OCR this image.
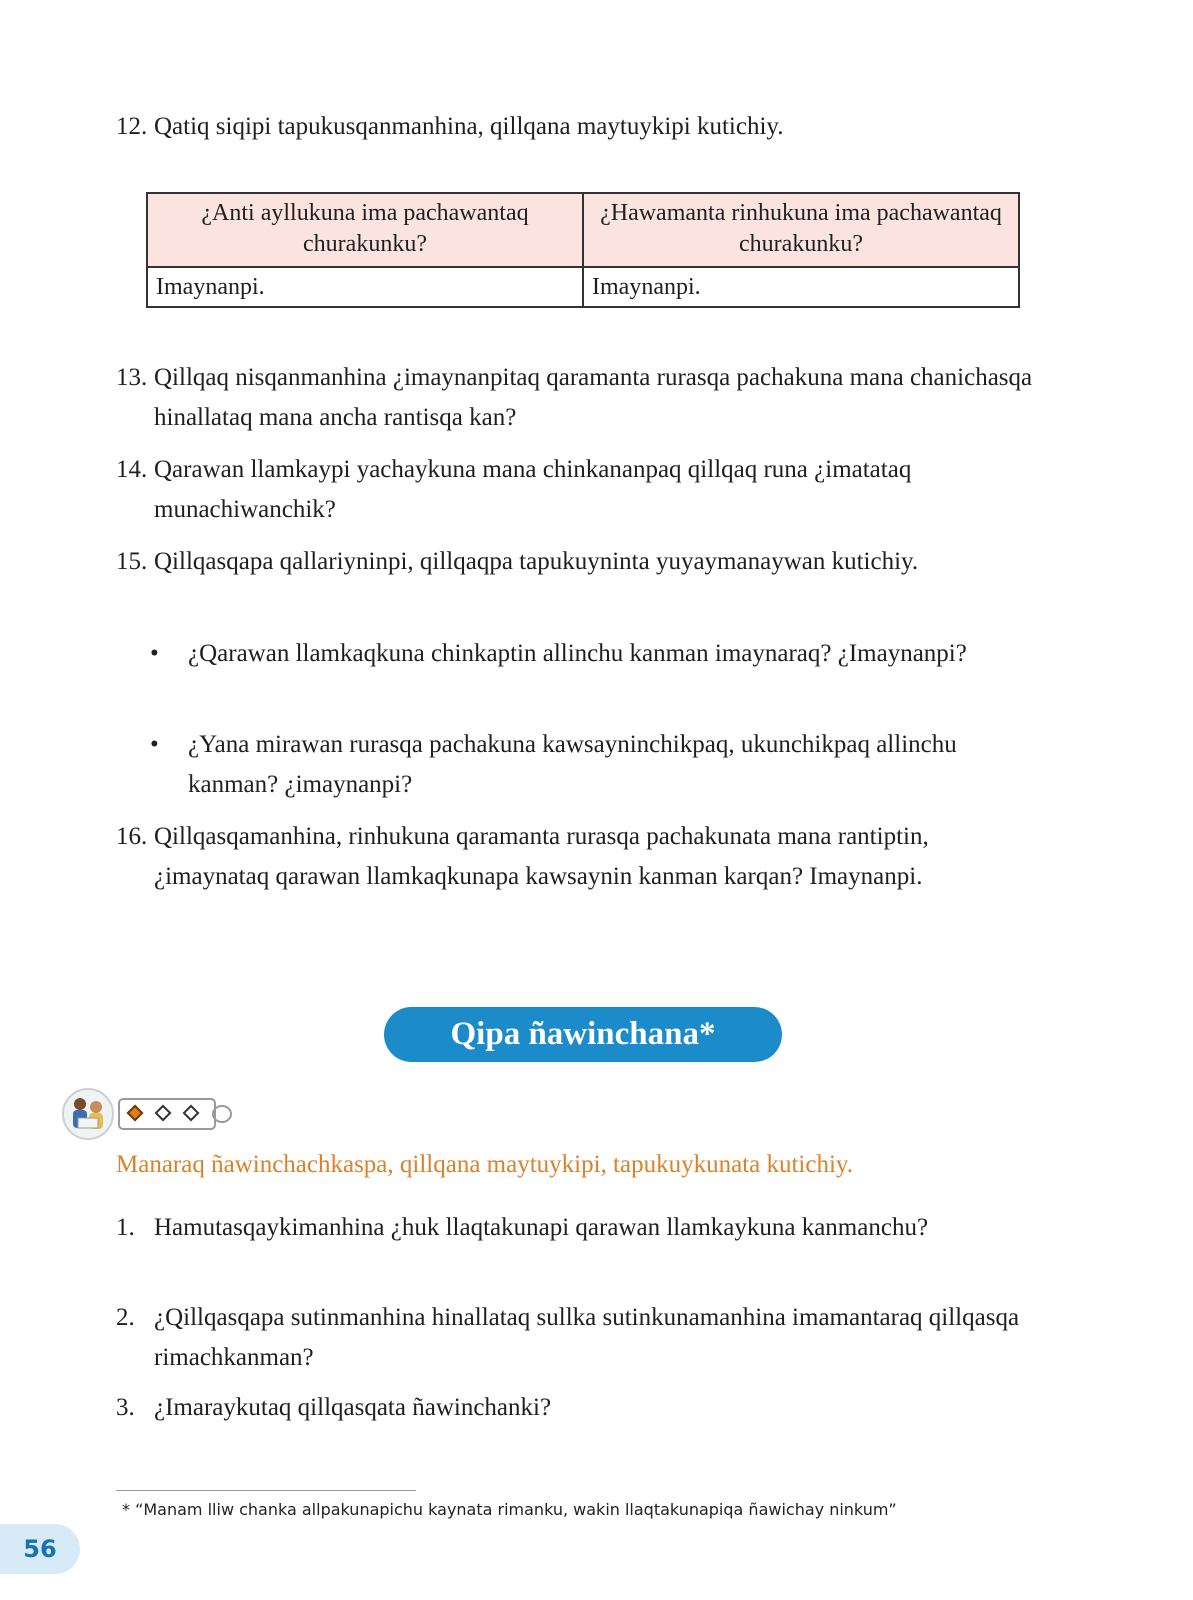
12. Qatiq siqipi tapukusqanmanhina, qillqana maytuykipi kutichiy.
¿Anti ayllukuna ima pachawantaq churakunku?	¿Hawamanta rinhukuna ima pachawantaq churakunku?
Imaynanpi.	Imaynanpi.
13. Qillqaq nisqanmanhina ¿imaynanpitaq qaramanta rurasqa pachakuna mana chanichasqa hinallataq mana ancha rantisqa kan?
14. Qarawan llamkaypi yachaykuna mana chinkananpaq qillqaq runa ¿imatataq munachiwanchik?
15. Qillqasqapa qallariyninpi, qillqaqpa tapukuyninta yuyaymanaywan kutichiy.
•	¿Qarawan llamkaqkuna chinkaptin allinchu kanman imaynaraq? ¿Imaynanpi?
•	¿Yana mirawan rurasqa pachakuna kawsayninchikpaq, ukunchikpaq allinchu kanman? ¿imaynanpi?
16. Qillqasqamanhina, rinhukuna qaramanta rurasqa pachakunata mana rantiptin, ¿imaynataq qarawan llamkaqkunapa kawsaynin kanman karqan? Imaynanpi.
Qipa ñawinchana*
Manaraq ñawinchachkaspa, qillqana maytuykipi, tapukuykunata kutichiy.
1. Hamutasqaykimanhina ¿huk llaqtakunapi qarawan llamkaykuna kanmanchu?
2. ¿Qillqasqapa sutinmanhina hinallataq sullka sutinkunamanhina imamantaraq qillqasqa rimachkanman?
3. ¿Imaraykutaq qillqasqata ñawinchanki?
* “Manam lliw chanka allpakunapichu kaynata rimanku, wakin llaqtakunapiqa ñawichay ninkum”
56
